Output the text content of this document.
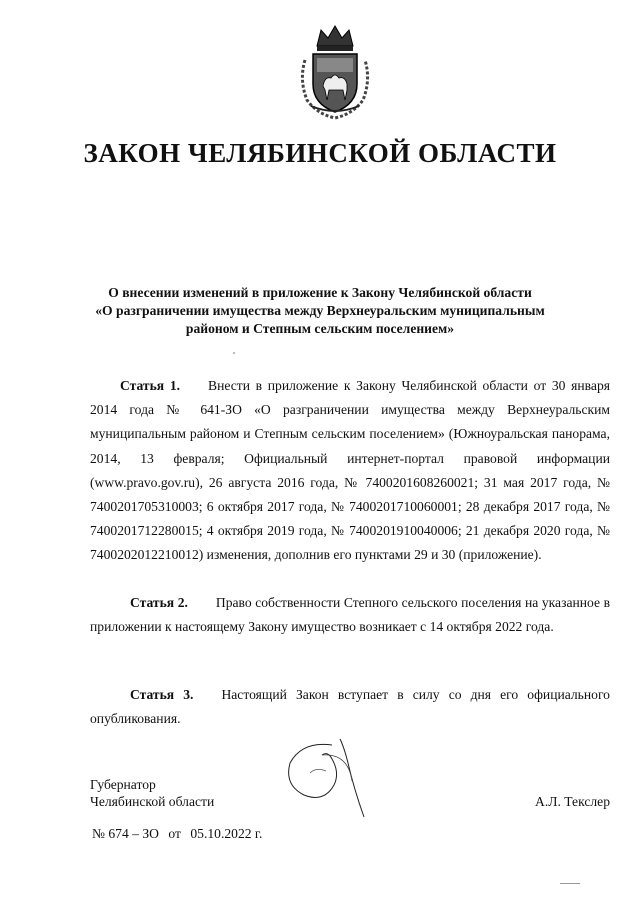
ЗАКОН ЧЕЛЯБИНСКОЙ ОБЛАСТИ
О внесении изменений в приложение к Закону Челябинской области
«О разграничении имущества между Верхнеуральским муниципальным
районом и Степным сельским поселением»
Статья 1. Внести в приложение к Закону Челябинской области от 30 января 2014 года № 641-ЗО «О разграничении имущества между Верхнеуральским муниципальным районом и Степным сельским поселением» (Южноуральская панорама, 2014, 13 февраля; Официальный интернет-портал правовой информации (www.pravo.gov.ru), 26 августа 2016 года, № 7400201608260021; 31 мая 2017 года, № 7400201705310003; 6 октября 2017 года, № 7400201710060001; 28 декабря 2017 года, № 7400201712280015; 4 октября 2019 года, № 7400201910040006; 21 декабря 2020 года, № 7400202012210012) изменения, дополнив его пунктами 29 и 30 (приложение).
Статья 2. Право собственности Степного сельского поселения на указанное в приложении к настоящему Закону имущество возникает с 14 октября 2022 года.
Статья 3. Настоящий Закон вступает в силу со дня его официального опубликования.
Губернатор
Челябинской области	А.Л. Текслер
№ 674 – ЗО от 05.10.2022 г.
